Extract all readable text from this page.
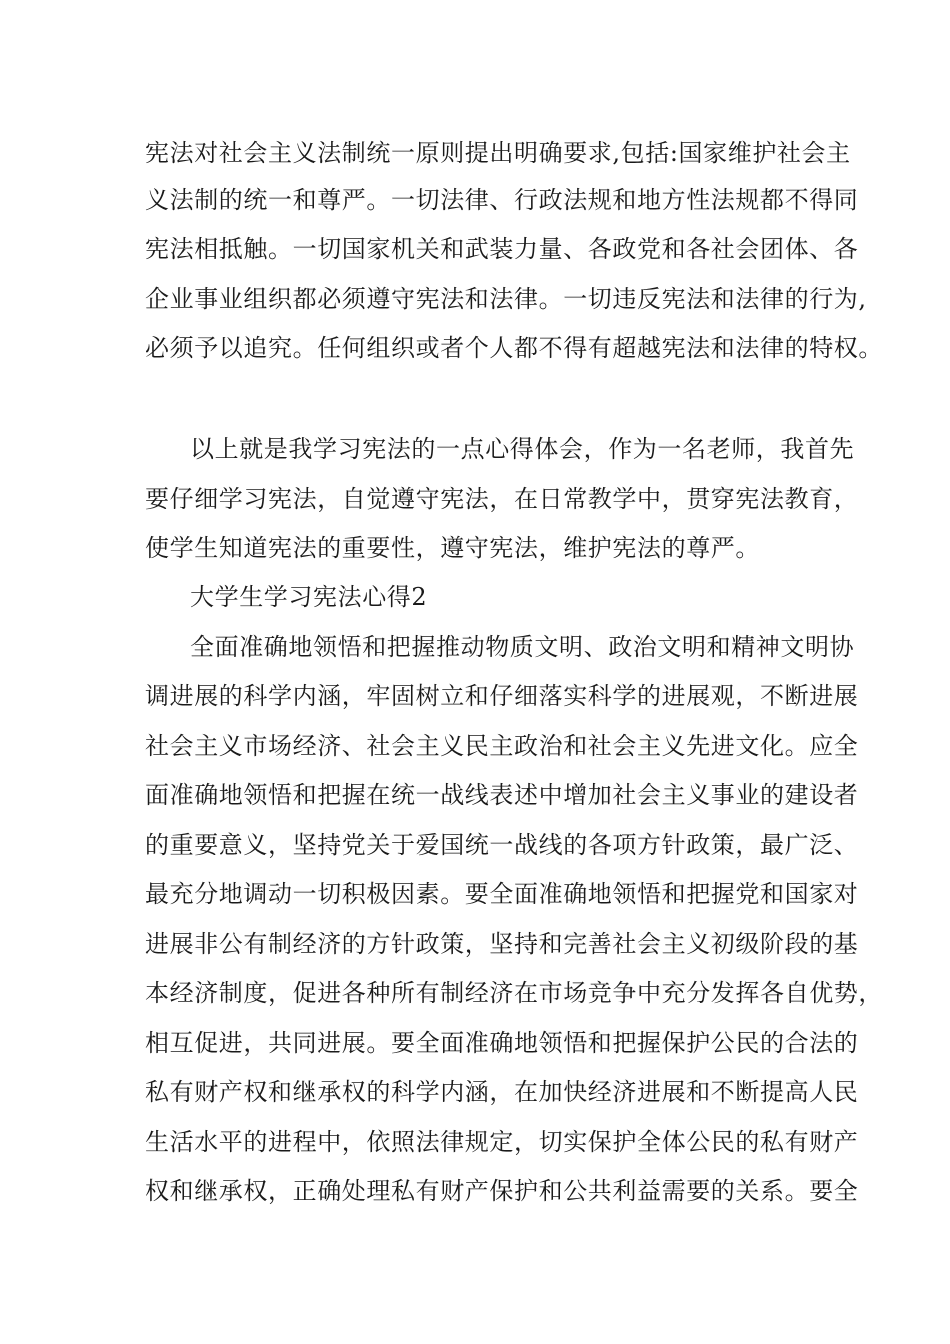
宪法对社会主义法制统一原则提出明确要求,包括:国家维护社会主

义法制的统一和尊严。一切法律、行政法规和地方性法规都不得同

宪法相抵触。一切国家机关和武装力量、各政党和各社会团体、各

企业事业组织都必须遵守宪法和法律。一切违反宪法和法律的行为,

必须予以追究。任何组织或者个人都不得有超越宪法和法律的特权。

以上就是我学习宪法的一点心得体会，作为一名老师，我首先

要仔细学习宪法，自觉遵守宪法，在日常教学中，贯穿宪法教育，

使学生知道宪法的重要性，遵守宪法，维护宪法的尊严。

大学生学习宪法心得2

全面准确地领悟和把握推动物质文明、政治文明和精神文明协

调进展的科学内涵，牢固树立和仔细落实科学的进展观，不断进展

社会主义市场经济、社会主义民主政治和社会主义先进文化。应全

面准确地领悟和把握在统一战线表述中增加社会主义事业的建设者

的重要意义，坚持党关于爱国统一战线的各项方针政策，最广泛、

最充分地调动一切积极因素。要全面准确地领悟和把握党和国家对

进展非公有制经济的方针政策，坚持和完善社会主义初级阶段的基

本经济制度，促进各种所有制经济在市场竞争中充分发挥各自优势，

相互促进，共同进展。要全面准确地领悟和把握保护公民的合法的

私有财产权和继承权的科学内涵，在加快经济进展和不断提高人民

生活水平的进程中，依照法律规定，切实保护全体公民的私有财产

权和继承权，正确处理私有财产保护和公共利益需要的关系。要全
